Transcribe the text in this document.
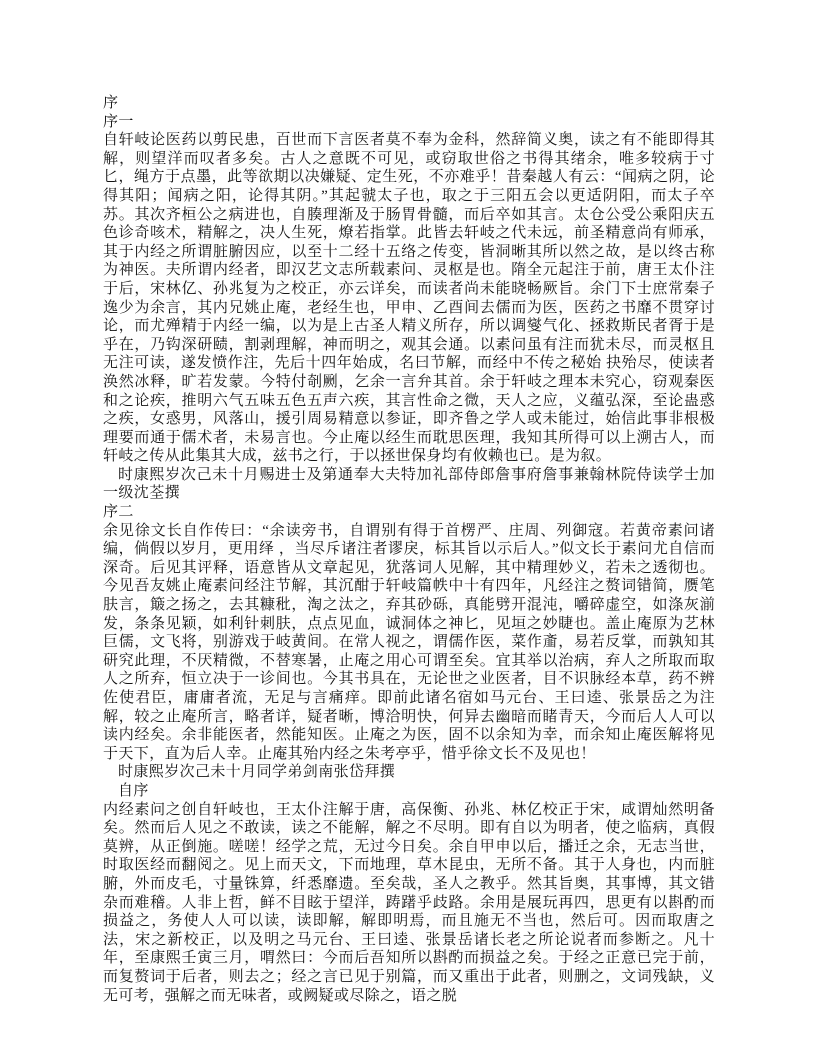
序
序一
自轩岐论医药以剪民患，百世而下言医者莫不奉为金科，然辞简义奥，读之有不能即得其解，则望洋而叹者多矣。古人之意既不可见，或窃取世俗之书得其绪余，唯多较病于寸匕，绳方于点墨，此等欲期以决嫌疑、定生死，不亦难乎！昔秦越人有云：“闻病之阴，论得其阳；闻病之阳，论得其阴。”其起虢太子也，取之于三阳五会以更适阴阳，而太子卒苏。其次齐桓公之病进也，自腠理渐及于肠胃骨髓，而后卒如其言。太仓公受公乘阳庆五色诊奇咳术，精解之，决人生死，燎若指掌。此皆去轩岐之代未远，前圣精意尚有师承，其于内经之所谓脏腑因应，以至十二经十五络之传变，皆洞晰其所以然之故，是以终古称为神医。夫所谓内经者，即汉艺文志所载素问、灵枢是也。隋全元起注于前，唐王太仆注于后，宋林亿、孙兆复为之校正，亦云详矣，而读者尚未能晓畅厥旨。余门下士庶常秦子逸少为余言，其内兄姚止庵，老经生也，甲申、乙酉间去儒而为医，医药之书靡不贯穿讨论，而尤殚精于内经一编，以为是上古圣人精义所存，所以调燮气化、拯救斯民者胥于是乎在，乃钩深研赜，割剥理解，神而明之，观其会通。以素问虽有注而犹未尽，而灵枢且无注可读，遂发愤作注，先后十四年始成，名曰节解，而经中不传之秘始 抉殆尽，使读者涣然冰释，旷若发蒙。今特付剞劂，乞余一言弁其首。余于轩岐之理本未究心，窃观秦医和之论疾，推明六气五味五色五声六疾，其言性命之微，天人之应，义蕴弘深，至论蛊惑之疾，女惑男，风落山，援引周易精意以参证，即齐鲁之学人或未能过，始信此事非根极理要而通于儒术者，未易言也。今止庵以经生而耽思医理，我知其所得可以上溯古人，而轩岐之传从此集其大成，兹书之行，于以拯世保身均有攸赖也已。是为叙。
时康熙岁次己未十月赐进士及第通奉大夫特加礼部侍郎詹事府詹事兼翰林院侍读学士加一级沈荃撰
序二
余见徐文长自作传曰：“余读旁书，自谓别有得于首楞严、庄周、列御寇。若黄帝素问诸编，倘假以岁月，更用绎 ，当尽斥诸注者谬戾，标其旨以示后人。”似文长于素问尤自信而深奇。后见其评释，语意皆从文章起见，犹落词人见解，其中精理妙义，若未之透彻也。今见吾友姚止庵素问经注节解，其沉酣于轩岐篇帙中十有四年，凡经注之赘词错简，赝笔肤言，簸之扬之，去其糠秕，淘之汰之，弃其砂砾，真能劈开混沌，嚼碎虚空，如涤灰湔发，条条见颖，如利针刺肤，点点见血，诚洞体之神匕，见垣之妙睫也。盖止庵原为艺林巨儒，文飞将，别游戏于岐黄间。在常人视之，谓儒作医，菜作齑，易若反掌，而孰知其研究此理，不厌精微，不替寒暑，止庵之用心可谓至矣。宜其举以治病，弃人之所取而取人之所弃，恒立决于一诊间也。今其书具在，无论世之业医者，目不识脉经本草，药不辨佐使君臣，庸庸者流，无足与言痛痒。即前此诸名宿如马元台、王曰逵、张景岳之为注解，较之止庵所言，略者详，疑者晰，博洽明快，何异去幽暗而睹青天，今而后人人可以读内经矣。余非能医者，然能知医。止庵之为医，固不以余知为幸，而余知止庵医解将见于天下，直为后人幸。止庵其殆内经之朱考亭乎，惜乎徐文长不及见也！
时康熙岁次己未十月同学弟剑南张岱拜撰
自序
内经素问之创自轩岐也，王太仆注解于唐，高保衡、孙兆、林亿校正于宋，咸谓灿然明备矣。然而后人见之不敢读，读之不能解，解之不尽明。即有自以为明者，使之临病，真假莫辨，从正倒施。嗟嗟！经学之荒，无过今日矣。余自甲申以后，播迁之余，无志当世，时取医经而翻阅之。见上而天文，下而地理，草木昆虫，无所不备。其于人身也，内而脏腑，外而皮毛，寸量铢算，纤悉靡遗。至矣哉，圣人之教乎。然其旨奥，其事博，其文错杂而难稽。人非上哲，鲜不目眩于望洋，踌躇乎歧路。余用是展玩再四，思更有以斟酌而损益之，务使人人可以读，读即解，解即明焉，而且施无不当也，然后可。因而取唐之法，宋之新校正，以及明之马元台、王曰逵、张景岳诸长老之所论说者而参断之。凡十年，至康熙壬寅三月，喟然曰：今而后吾知所以斟酌而损益之矣。于经之正意已完于前，而复赘词于后者，则去之；经之言已见于别篇，而又重出于此者，则删之，文词残缺，义无可考，强解之而无味者，或阙疑或尽除之，语之脱
